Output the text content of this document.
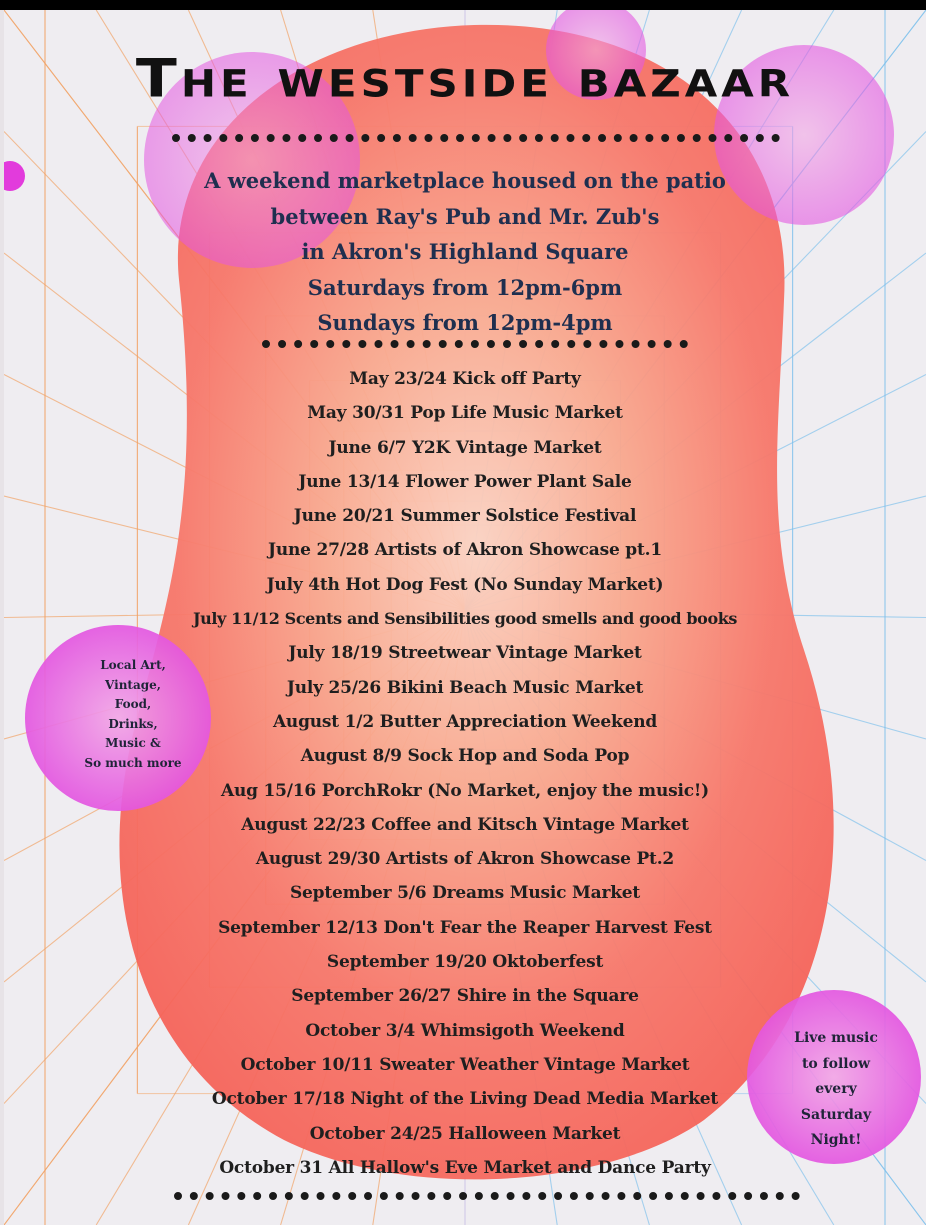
The westside bazaar
A weekend marketplace housed on the patio
between Ray's Pub and Mr. Zub's
in Akron's Highland Square
Saturdays from 12pm-6pm
Sundays from 12pm-4pm
May 23/24 Kick off Party
May 30/31 Pop Life Music Market
June 6/7 Y2K Vintage Market
June 13/14 Flower Power Plant Sale
June 20/21 Summer Solstice Festival
June 27/28 Artists of Akron Showcase pt.1
July 4th Hot Dog Fest (No Sunday Market)
July 11/12 Scents and Sensibilities good smells and good books
July 18/19 Streetwear Vintage Market
July 25/26 Bikini Beach Music Market
August 1/2 Butter Appreciation Weekend
August 8/9 Sock Hop and Soda Pop
Aug 15/16 PorchRokr (No Market, enjoy the music!)
August 22/23 Coffee and Kitsch Vintage Market
August 29/30 Artists of Akron Showcase Pt.2
September 5/6 Dreams Music Market
September 12/13 Don't Fear the Reaper Harvest Fest
September 19/20 Oktoberfest
September 26/27 Shire in the Square
October 3/4 Whimsigoth Weekend
October 10/11 Sweater Weather Vintage Market
October 17/18 Night of the Living Dead Media Market
October 24/25 Halloween Market
October 31 All Hallow's Eve Market and Dance Party
Local Art,
Vintage,
Food,
Drinks,
Music &
So much more
Live music
to follow
every
Saturday
Night!
